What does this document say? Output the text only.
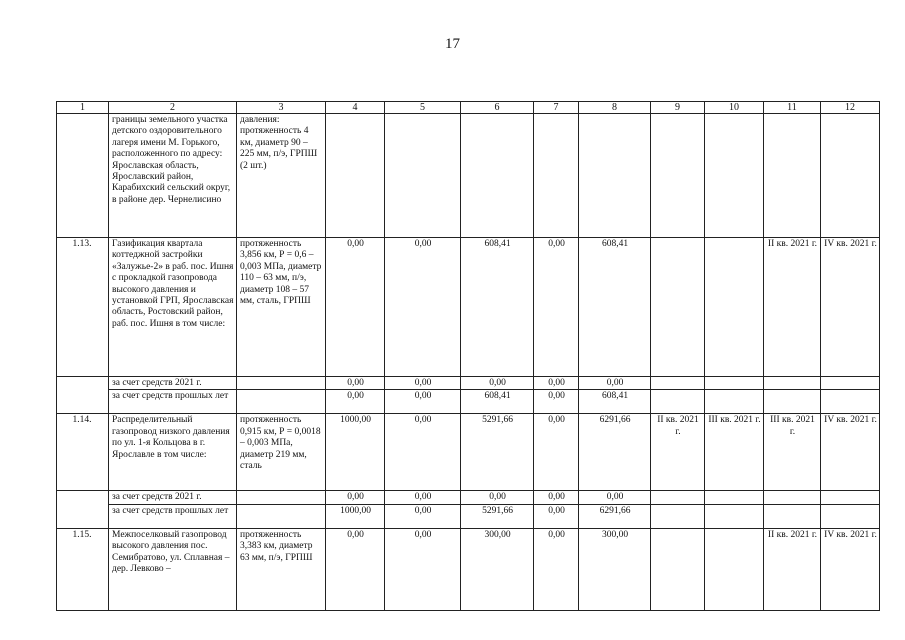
17
1	2	3	4	5	6	7	8	9	10	11	12
	границы земельного участка детского оздоровительного лагеря имени М. Горького, расположенного по адресу: Ярославская область, Ярославский район, Карабихский сельский округ, в районе дер. Чернелисино	давления: протяженность 4 км, диаметр 90 – 225 мм, п/э, ГРПШ (2 шт.)									
1.13.	Газификация квартала коттеджной застройки «Залужье-2» в раб. пос. Ишня с прокладкой газопровода высокого давления и установкой ГРП, Ярославская область, Ростовский район, раб. пос. Ишня в том числе:	протяженность 3,856 км, Р = 0,6 – 0,003 МПа, диаметр 110 – 63 мм, п/э, диаметр 108 – 57 мм, сталь, ГРПШ	0,00	0,00	608,41	0,00	608,41			II кв. 2021 г.	IV кв. 2021 г.
	за счет средств 2021 г.		0,00	0,00	0,00	0,00	0,00				
	за счет средств прошлых лет		0,00	0,00	608,41	0,00	608,41				
1.14.	Распределительный газопровод низкого давления по ул. 1-я Кольцова в г. Ярославле в том числе:	протяженность 0,915 км, Р = 0,0018 – 0,003 МПа, диаметр 219 мм, сталь	1000,00	0,00	5291,66	0,00	6291,66	II кв. 2021 г.	III кв. 2021 г.	III кв. 2021 г.	IV кв. 2021 г.
	за счет средств 2021 г.		0,00	0,00	0,00	0,00	0,00				
	за счет средств прошлых лет		1000,00	0,00	5291,66	0,00	6291,66				
1.15.	Межпоселковый газопровод высокого давления пос. Семибратово, ул. Сплавная – дер. Левково –	протяженность 3,383 км, диаметр 63 мм, п/э, ГРПШ	0,00	0,00	300,00	0,00	300,00			II кв. 2021 г.	IV кв. 2021 г.
